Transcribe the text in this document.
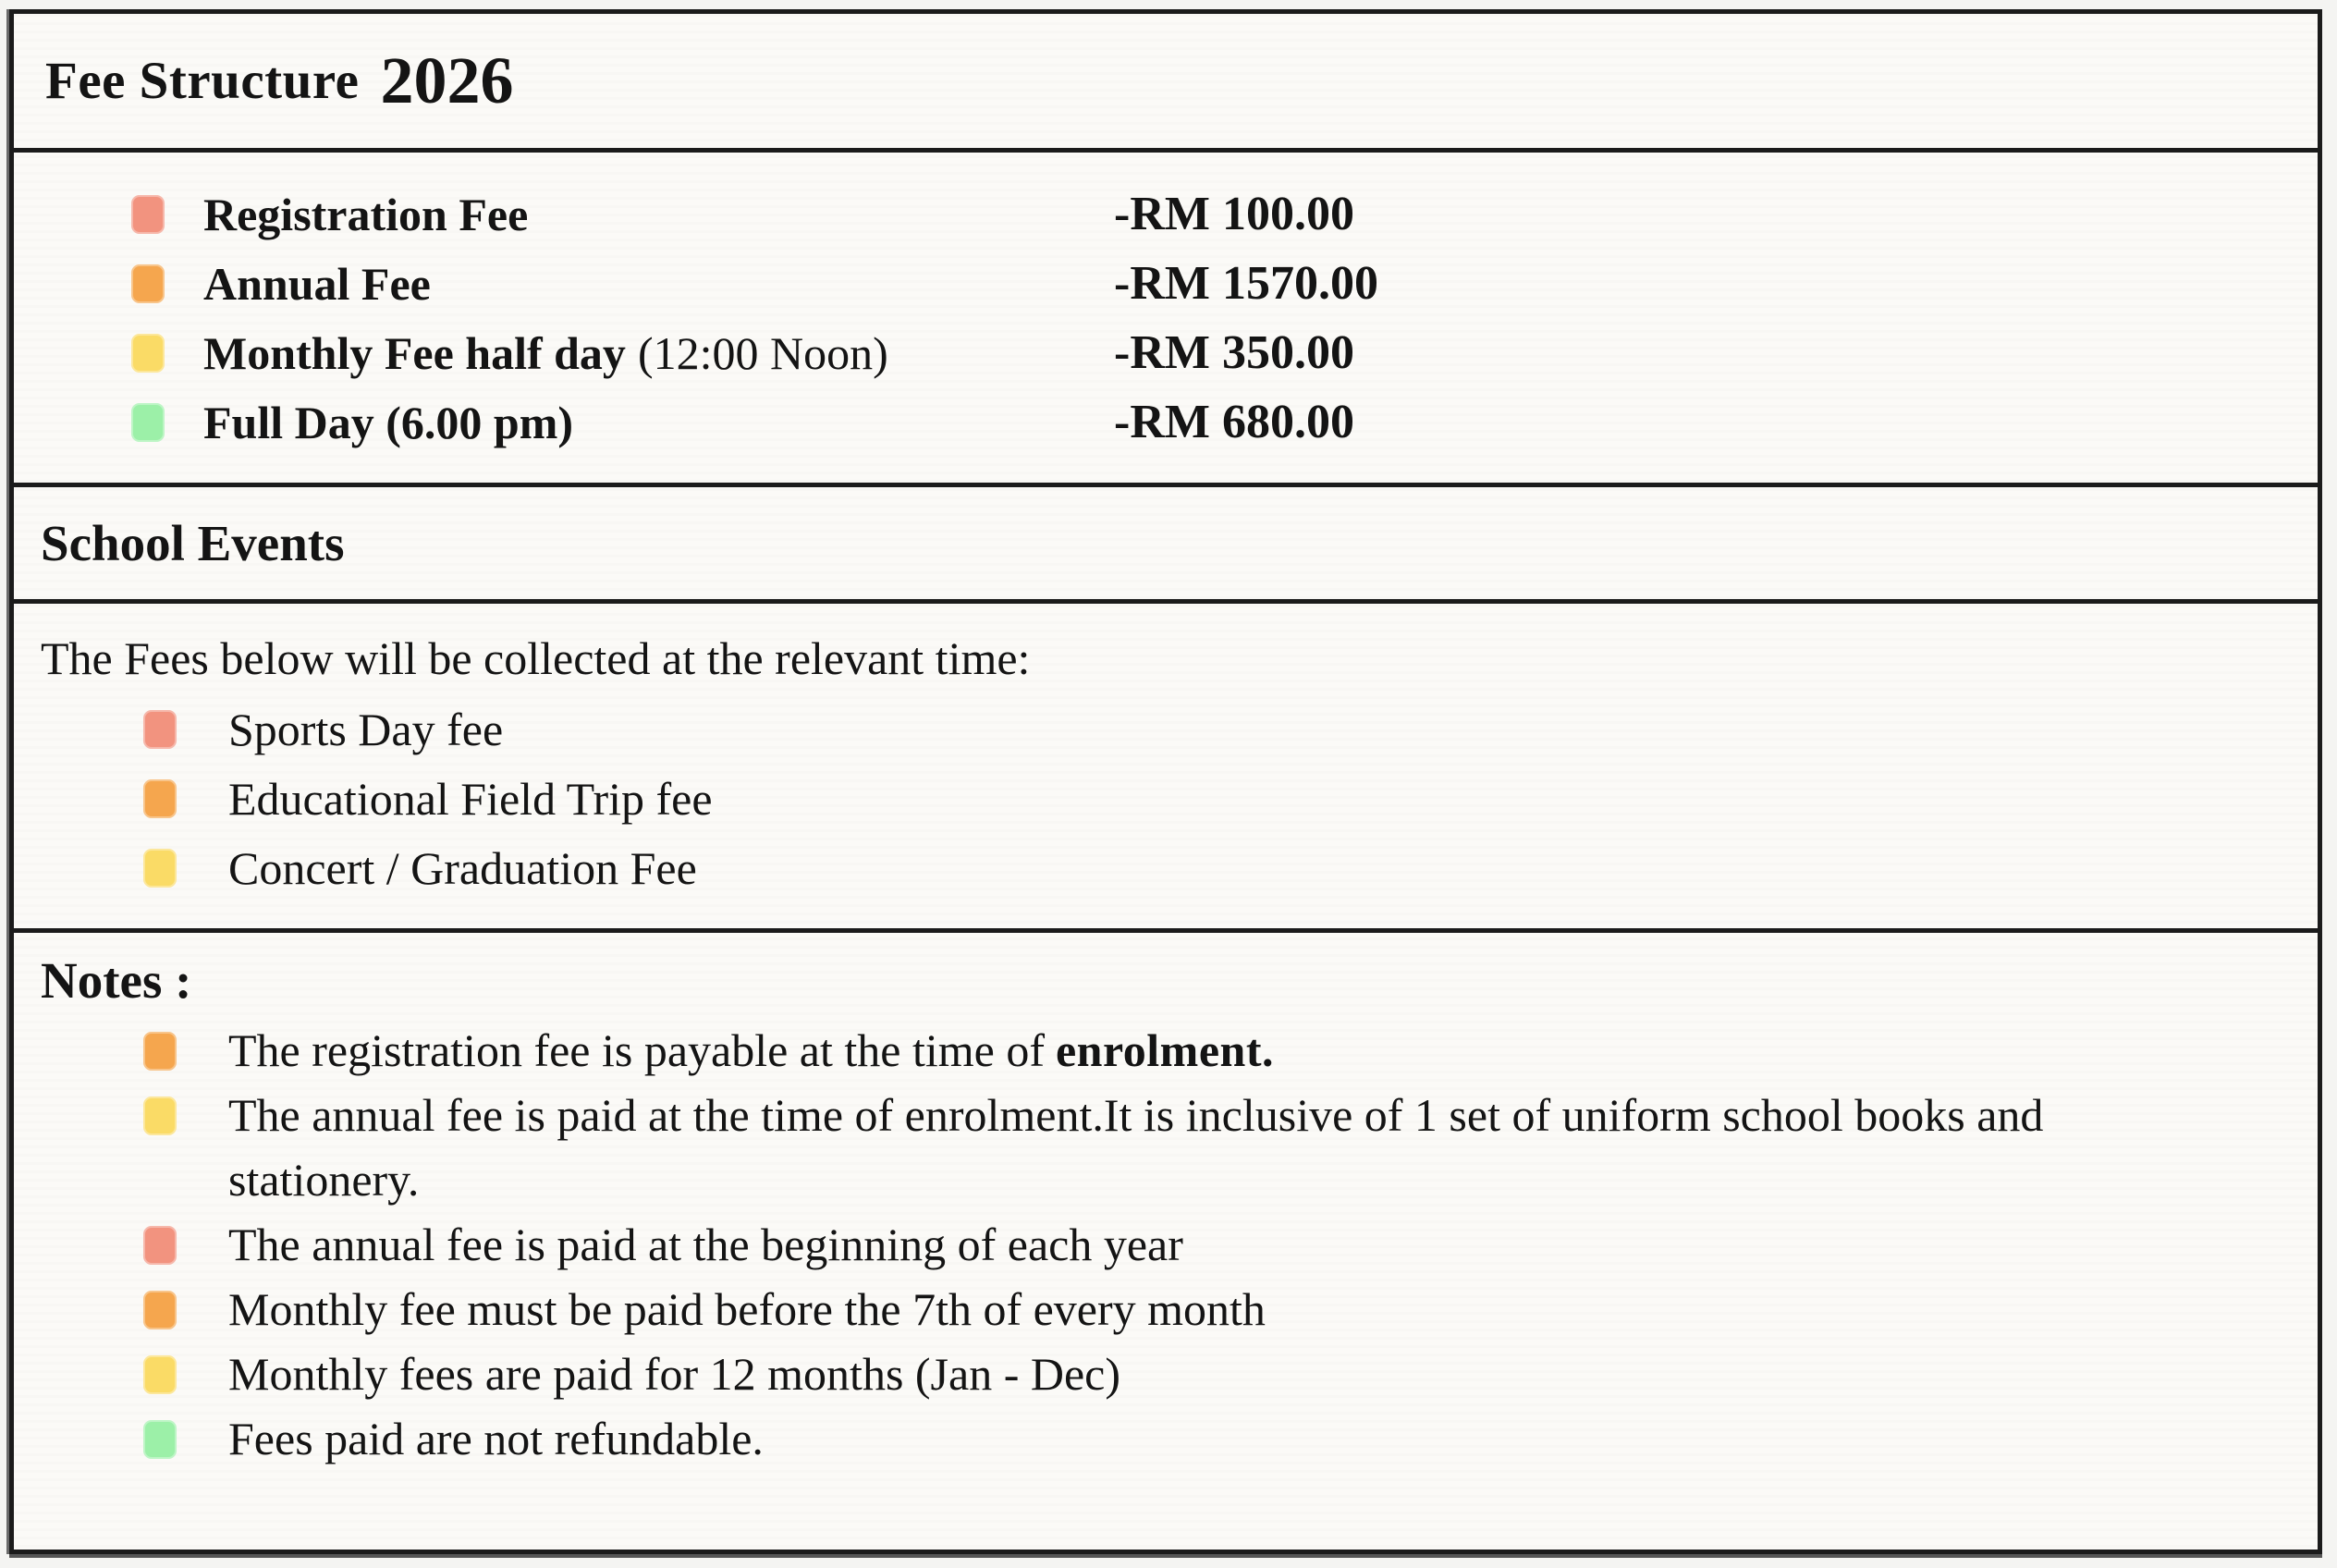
Fee Structure 2026
Registration Fee	-RM 100.00
Annual Fee	-RM 1570.00
Monthly Fee half day (12:00 Noon)	-RM 350.00
Full Day (6.00 pm)	-RM 680.00
School Events
The Fees below will be collected at the relevant time:
Sports Day fee
Educational Field Trip fee
Concert / Graduation Fee
Notes :

The registration fee is payable at the time of enrolment.

The annual fee is paid at the time of enrolment.It is inclusive of 1 set of uniform school books and stationery.

The annual fee is paid at the beginning of each year

Monthly fee must be paid before the 7th of every month

Monthly fees are paid for 12 months (Jan - Dec)

Fees paid are not refundable.
